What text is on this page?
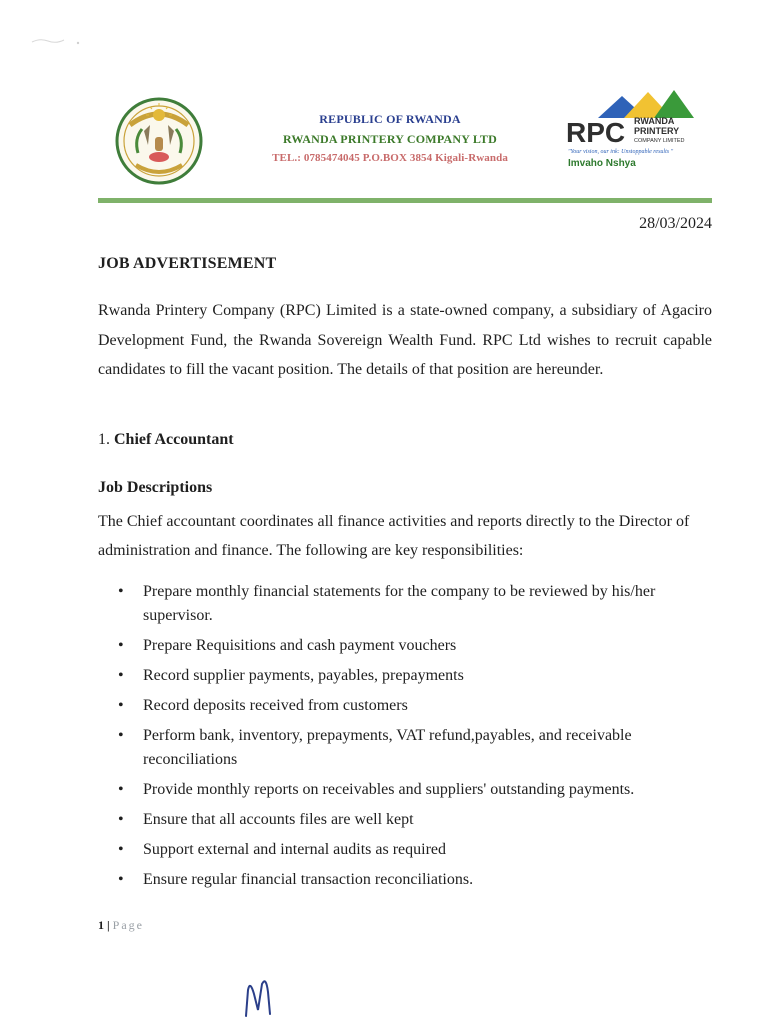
REPUBLIC OF RWANDA
RWANDA PRINTERY COMPANY LTD
TEL.: 0785474045 P.O.BOX 3854 Kigali-Rwanda
RPC RWANDA
PRINTERY
COMPANY LIMITED
"Your vision, our ink: Unstoppable results "
Imvaho Nshya
28/03/2024
JOB ADVERTISEMENT
Rwanda Printery Company (RPC) Limited is a state-owned company, a subsidiary of Agaciro Development Fund, the Rwanda Sovereign Wealth Fund. RPC Ltd wishes to recruit capable candidates to fill the vacant position. The details of that position are hereunder.
1. Chief Accountant
Job Descriptions
The Chief accountant coordinates all finance activities and reports directly to the Director of administration and finance. The following are key responsibilities:
• Prepare monthly financial statements for the company to be reviewed by his/her supervisor.
• Prepare Requisitions and cash payment vouchers
• Record supplier payments, payables, prepayments
• Record deposits received from customers
• Perform bank, inventory, prepayments, VAT refund,payables, and receivable reconciliations
• Provide monthly reports on receivables and suppliers' outstanding payments.
• Ensure that all accounts files are well kept
• Support external and internal audits as required
• Ensure regular financial transaction reconciliations.
1 | Page
